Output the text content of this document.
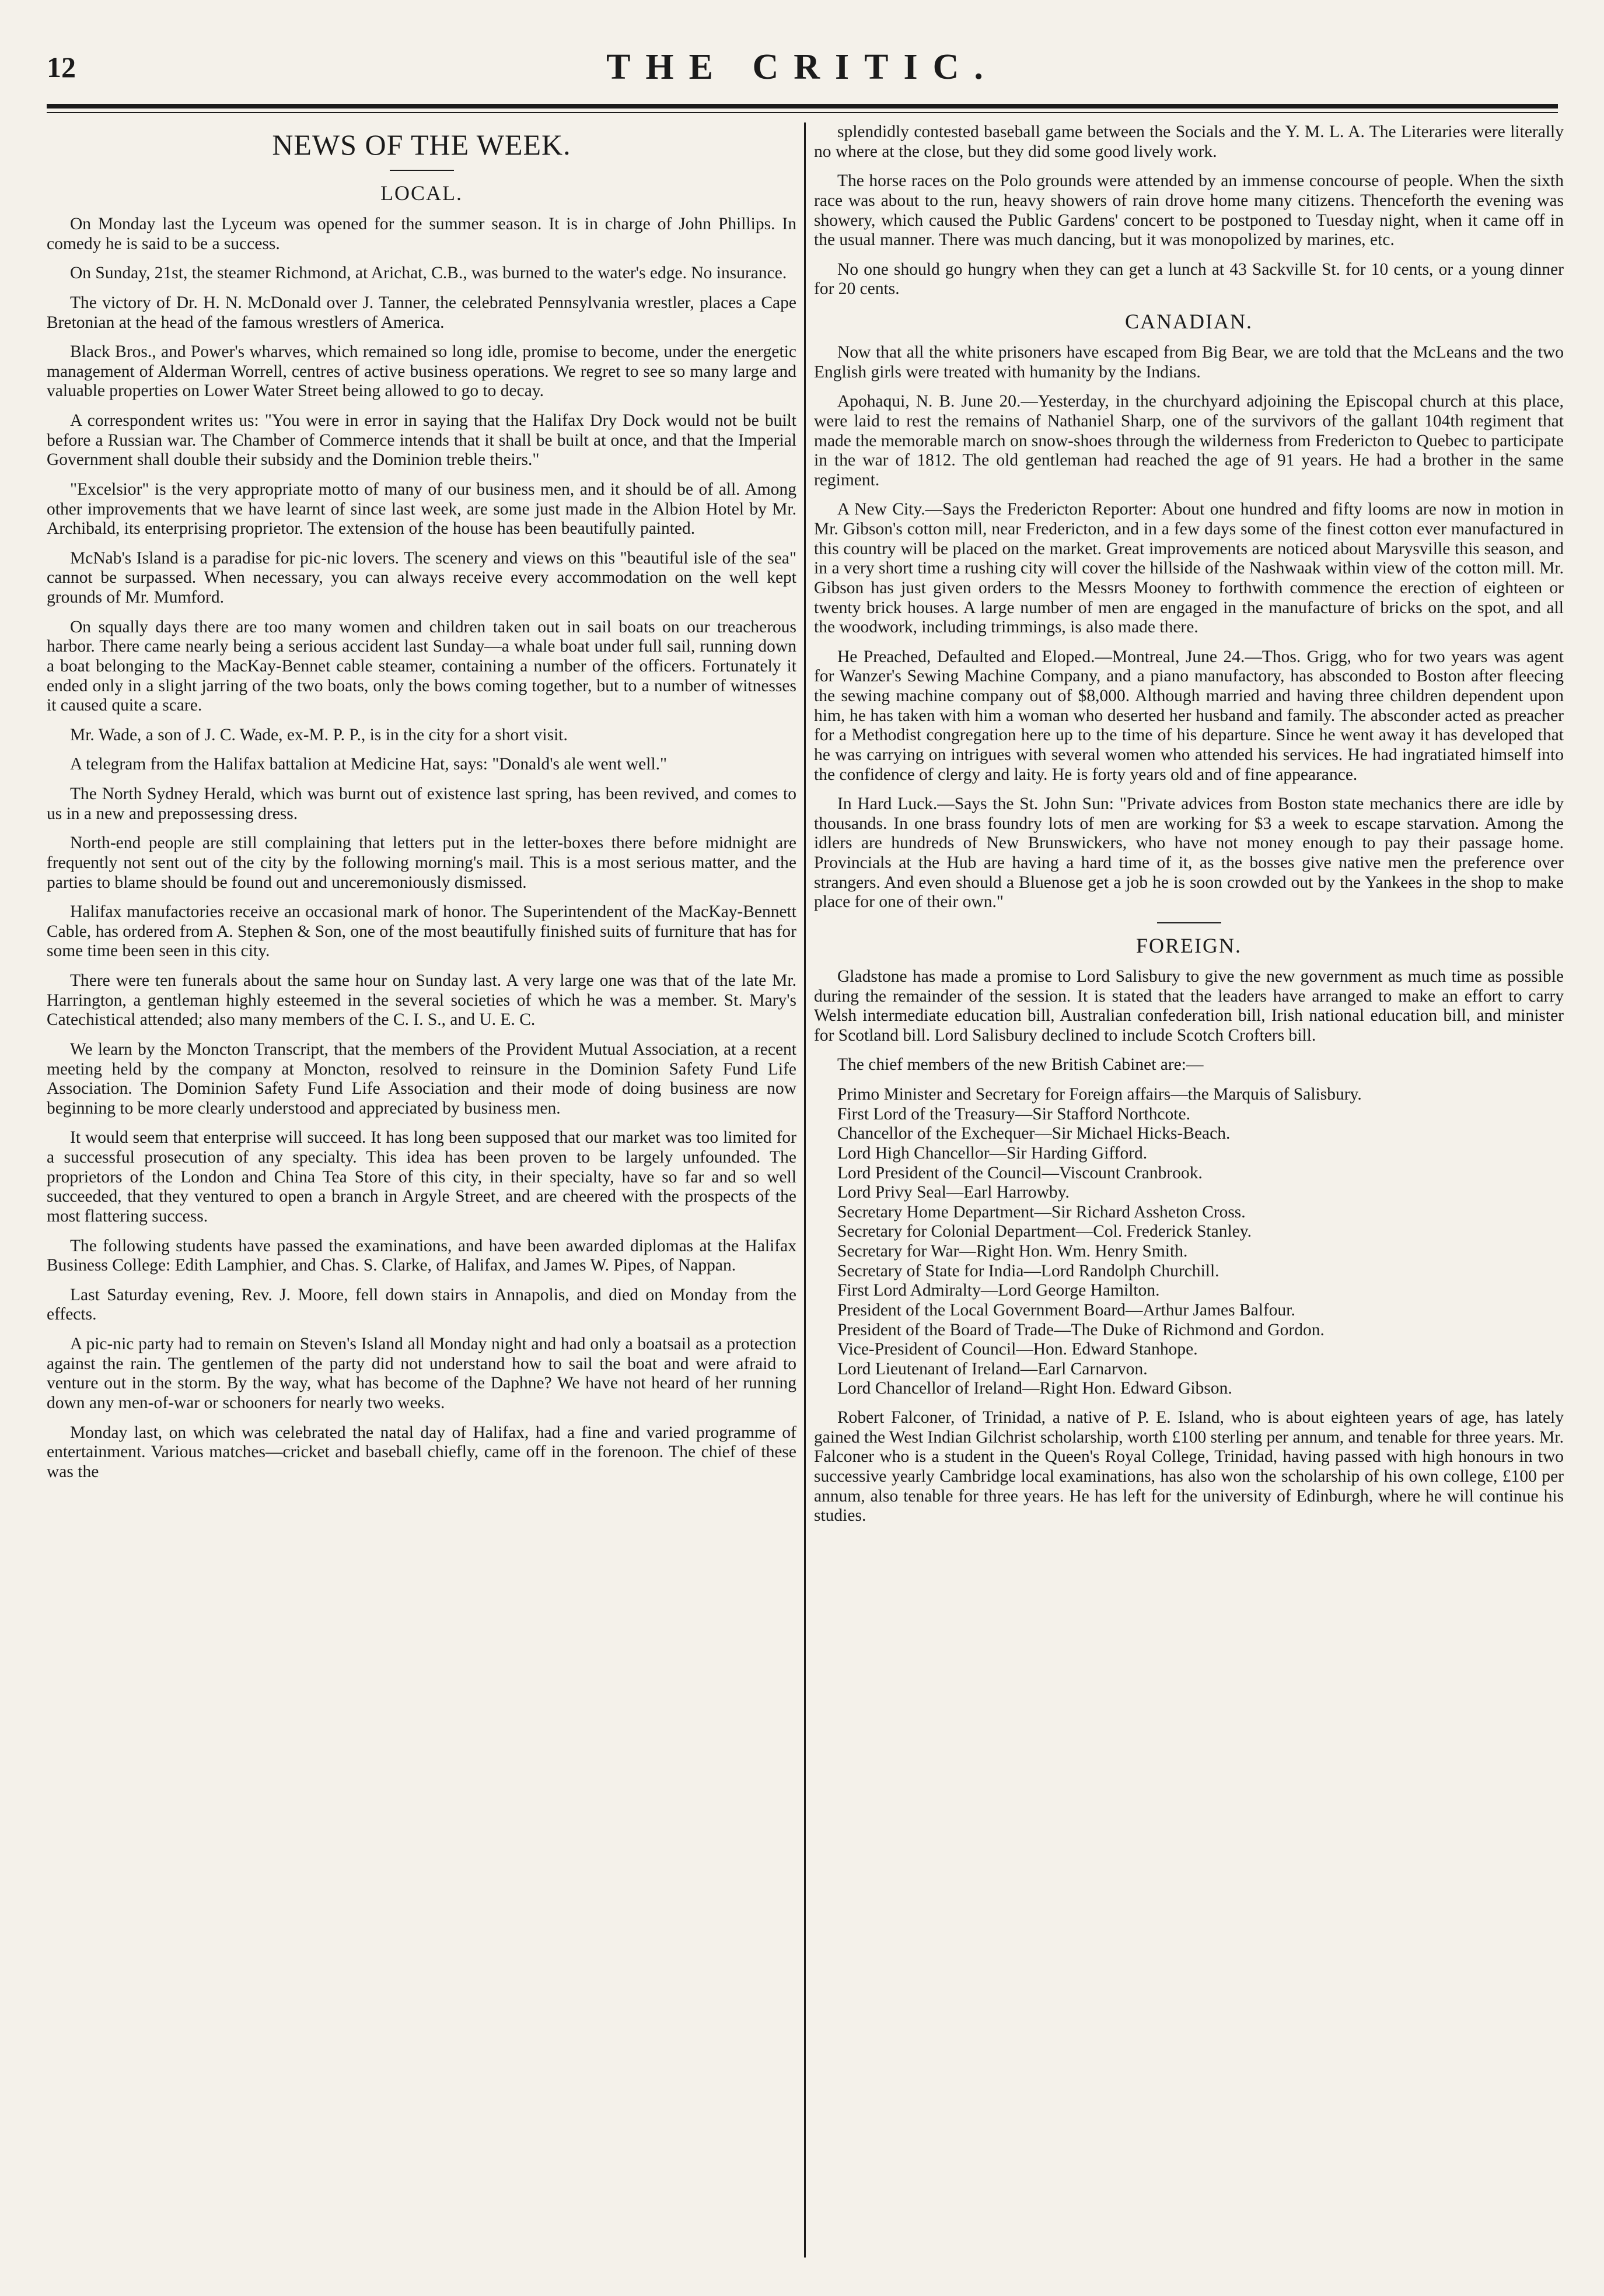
12	THE CRITIC.
NEWS OF THE WEEK.
LOCAL.

On Monday last the Lyceum was opened for the summer season. It is in charge of John Phillips. In comedy he is said to be a success.

On Sunday, 21st, the steamer Richmond, at Arichat, C.B., was burned to the water's edge. No insurance.

The victory of Dr. H. N. McDonald over J. Tanner, the celebrated Pennsylvania wrestler, places a Cape Bretonian at the head of the famous wrestlers of America.

Black Bros., and Power's wharves, which remained so long idle, promise to become, under the energetic management of Alderman Worrell, centres of active business operations. We regret to see so many large and valuable properties on Lower Water Street being allowed to go to decay.

A correspondent writes us: "You were in error in saying that the Halifax Dry Dock would not be built before a Russian war. The Chamber of Commerce intends that it shall be built at once, and that the Imperial Government shall double their subsidy and the Dominion treble theirs."

"Excelsior" is the very appropriate motto of many of our business men, and it should be of all. Among other improvements that we have learnt of since last week, are some just made in the Albion Hotel by Mr. Archibald, its enterprising proprietor. The extension of the house has been beautifully painted.

McNab's Island is a paradise for pic-nic lovers. The scenery and views on this "beautiful isle of the sea" cannot be surpassed. When necessary, you can always receive every accommodation on the well kept grounds of Mr. Mumford.

On squally days there are too many women and children taken out in sail boats on our treacherous harbor. There came nearly being a serious accident last Sunday—a whale boat under full sail, running down a boat belonging to the MacKay-Bennet cable steamer, containing a number of the officers. Fortunately it ended only in a slight jarring of the two boats, only the bows coming together, but to a number of witnesses it caused quite a scare.

Mr. Wade, a son of J. C. Wade, ex-M. P. P., is in the city for a short visit.

A telegram from the Halifax battalion at Medicine Hat, says: "Donald's ale went well."

The North Sydney Herald, which was burnt out of existence last spring, has been revived, and comes to us in a new and prepossessing dress.

North-end people are still complaining that letters put in the letter-boxes there before midnight are frequently not sent out of the city by the following morning's mail. This is a most serious matter, and the parties to blame should be found out and unceremoniously dismissed.

Halifax manufactories receive an occasional mark of honor. The Superintendent of the MacKay-Bennett Cable, has ordered from A. Stephen & Son, one of the most beautifully finished suits of furniture that has for some time been seen in this city.

There were ten funerals about the same hour on Sunday last. A very large one was that of the late Mr. Harrington, a gentleman highly esteemed in the several societies of which he was a member. St. Mary's Catechistical attended; also many members of the C. I. S., and U. E. C.

We learn by the Moncton Transcript, that the members of the Provident Mutual Association, at a recent meeting held by the company at Moncton, resolved to reinsure in the Dominion Safety Fund Life Association. The Dominion Safety Fund Life Association and their mode of doing business are now beginning to be more clearly understood and appreciated by business men.

It would seem that enterprise will succeed. It has long been supposed that our market was too limited for a successful prosecution of any specialty. This idea has been proven to be largely unfounded. The proprietors of the London and China Tea Store of this city, in their specialty, have so far and so well succeeded, that they ventured to open a branch in Argyle Street, and are cheered with the prospects of the most flattering success.

The following students have passed the examinations, and have been awarded diplomas at the Halifax Business College: Edith Lamphier, and Chas. S. Clarke, of Halifax, and James W. Pipes, of Nappan.

Last Saturday evening, Rev. J. Moore, fell down stairs in Annapolis, and died on Monday from the effects.

A pic-nic party had to remain on Steven's Island all Monday night and had only a boatsail as a protection against the rain. The gentlemen of the party did not understand how to sail the boat and were afraid to venture out in the storm. By the way, what has become of the Daphne? We have not heard of her running down any men-of-war or schooners for nearly two weeks.

Monday last, on which was celebrated the natal day of Halifax, had a fine and varied programme of entertainment. Various matches—cricket and baseball chiefly, came off in the forenoon. The chief of these was the

splendidly contested baseball game between the Socials and the Y. M. L. A. The Literaries were literally no where at the close, but they did some good lively work.

The horse races on the Polo grounds were attended by an immense concourse of people. When the sixth race was about to the run, heavy showers of rain drove home many citizens. Thenceforth the evening was showery, which caused the Public Gardens' concert to be postponed to Tuesday night, when it came off in the usual manner. There was much dancing, but it was monopolized by marines, etc.

No one should go hungry when they can get a lunch at 43 Sackville St. for 10 cents, or a young dinner for 20 cents.

CANADIAN.

Now that all the white prisoners have escaped from Big Bear, we are told that the McLeans and the two English girls were treated with humanity by the Indians.

Apohaqui, N. B. June 20.—Yesterday, in the churchyard adjoining the Episcopal church at this place, were laid to rest the remains of Nathaniel Sharp, one of the survivors of the gallant 104th regiment that made the memorable march on snow-shoes through the wilderness from Fredericton to Quebec to participate in the war of 1812. The old gentleman had reached the age of 91 years. He had a brother in the same regiment.

A New City.—Says the Fredericton Reporter: About one hundred and fifty looms are now in motion in Mr. Gibson's cotton mill, near Fredericton, and in a few days some of the finest cotton ever manufactured in this country will be placed on the market. Great improvements are noticed about Marysville this season, and in a very short time a rushing city will cover the hillside of the Nashwaak within view of the cotton mill. Mr. Gibson has just given orders to the Messrs Mooney to forthwith commence the erection of eighteen or twenty brick houses. A large number of men are engaged in the manufacture of bricks on the spot, and all the woodwork, including trimmings, is also made there.

He Preached, Defaulted and Eloped.—Montreal, June 24.—Thos. Grigg, who for two years was agent for Wanzer's Sewing Machine Company, and a piano manufactory, has absconded to Boston after fleecing the sewing machine company out of $8,000. Although married and having three children dependent upon him, he has taken with him a woman who deserted her husband and family. The absconder acted as preacher for a Methodist congregation here up to the time of his departure. Since he went away it has developed that he was carrying on intrigues with several women who attended his services. He had ingratiated himself into the confidence of clergy and laity. He is forty years old and of fine appearance.

In Hard Luck.—Says the St. John Sun: "Private advices from Boston state mechanics there are idle by thousands. In one brass foundry lots of men are working for $3 a week to escape starvation. Among the idlers are hundreds of New Brunswickers, who have not money enough to pay their passage home. Provincials at the Hub are having a hard time of it, as the bosses give native men the preference over strangers. And even should a Bluenose get a job he is soon crowded out by the Yankees in the shop to make place for one of their own."

FOREIGN.

Gladstone has made a promise to Lord Salisbury to give the new government as much time as possible during the remainder of the session. It is stated that the leaders have arranged to make an effort to carry Welsh intermediate education bill, Australian confederation bill, Irish national education bill, and minister for Scotland bill. Lord Salisbury declined to include Scotch Crofters bill.

The chief members of the new British Cabinet are:—

Primo Minister and Secretary for Foreign affairs—the Marquis of Salisbury.
First Lord of the Treasury—Sir Stafford Northcote.
Chancellor of the Exchequer—Sir Michael Hicks-Beach.
Lord High Chancellor—Sir Harding Gifford.
Lord President of the Council—Viscount Cranbrook.
Lord Privy Seal—Earl Harrowby.
Secretary Home Department—Sir Richard Assheton Cross.
Secretary for Colonial Department—Col. Frederick Stanley.
Secretary for War—Right Hon. Wm. Henry Smith.
Secretary of State for India—Lord Randolph Churchill.
First Lord Admiralty—Lord George Hamilton.
President of the Local Government Board—Arthur James Balfour.
President of the Board of Trade—The Duke of Richmond and Gordon.
Vice-President of Council—Hon. Edward Stanhope.
Lord Lieutenant of Ireland—Earl Carnarvon.
Lord Chancellor of Ireland—Right Hon. Edward Gibson.

Robert Falconer, of Trinidad, a native of P. E. Island, who is about eighteen years of age, has lately gained the West Indian Gilchrist scholarship, worth £100 sterling per annum, and tenable for three years. Mr. Falconer who is a student in the Queen's Royal College, Trinidad, having passed with high honours in two successive yearly Cambridge local examinations, has also won the scholarship of his own college, £100 per annum, also tenable for three years. He has left for the university of Edinburgh, where he will continue his studies.
